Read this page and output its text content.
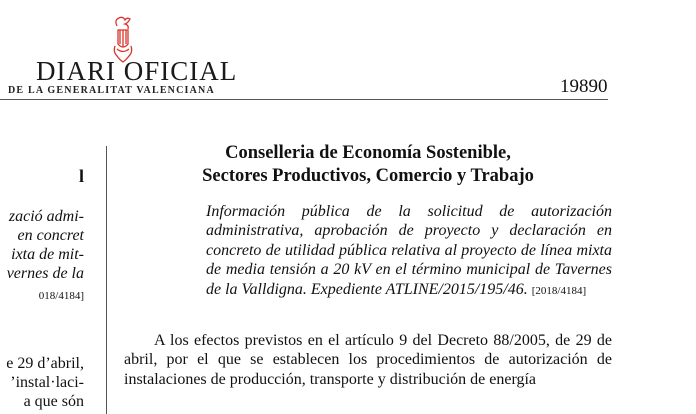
DIARI OFICIAL
DE LA GENERALITAT VALENCIANA	19890
l
zació admi-
en concret
ixta de mit-
vernes de la
018/4184]
e 29 d’abril,
’instal·laci-
a que són
Conselleria de Economía Sostenible,
Sectores Productivos, Comercio y Trabajo
Información pública de la solicitud de autorización administrativa, aprobación de proyecto y declaración en concreto de utilidad pública relativa al proyecto de línea mixta de media tensión a 20 kV en el término municipal de Tavernes de la Valldigna. Expediente ATLINE/2015/195/46. [2018/4184]
A los efectos previstos en el artículo 9 del Decreto 88/2005, de 29 de abril, por el que se establecen los procedimientos de autorización de instalaciones de producción, transporte y distribución de energía
